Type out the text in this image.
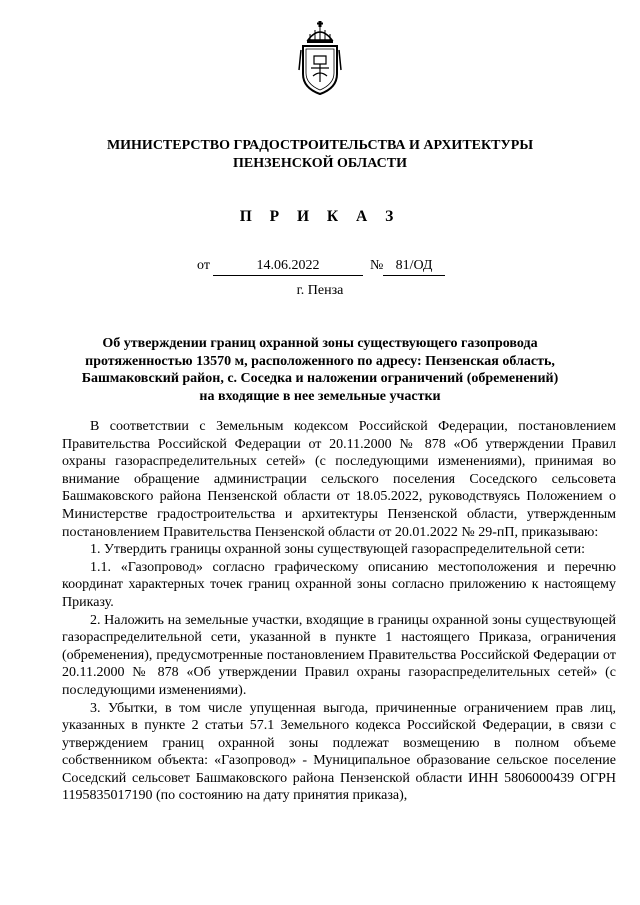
МИНИСТЕРСТВО ГРАДОСТРОИТЕЛЬСТВА И АРХИТЕКТУРЫ
ПЕНЗЕНСКОЙ ОБЛАСТИ
П Р И К А З
от	14.06.2022	№ 81/ОД
г. Пенза
Об утверждении границ охранной зоны существующего газопровода
протяженностью 13570 м, расположенного по адресу: Пензенская область,
Башмаковский район, с. Соседка и наложении ограничений (обременений)
на входящие в нее земельные участки

В соответствии с Земельным кодексом Российской Федерации, постановлением Правительства Российской Федерации от 20.11.2000 № 878 «Об утверждении Правил охраны газораспределительных сетей» (с последующими изменениями), принимая во внимание обращение администрации сельского поселения Соседского сельсовета Башмаковского района Пензенской области от 18.05.2022, руководствуясь Положением о Министерстве градостроительства и архитектуры Пензенской области, утвержденным постановлением Правительства Пензенской области от 20.01.2022 № 29-пП, приказываю:

1. Утвердить границы охранной зоны существующей газораспределительной сети:

1.1. «Газопровод» согласно графическому описанию местоположения и перечню координат характерных точек границ охранной зоны согласно приложению к настоящему Приказу.

2. Наложить на земельные участки, входящие в границы охранной зоны существующей газораспределительной сети, указанной в пункте 1 настоящего Приказа, ограничения (обременения), предусмотренные постановлением Правительства Российской Федерации от 20.11.2000 № 878 «Об утверждении Правил охраны газораспределительных сетей» (с последующими изменениями).

3. Убытки, в том числе упущенная выгода, причиненные ограничением прав лиц, указанных в пункте 2 статьи 57.1 Земельного кодекса Российской Федерации, в связи с утверждением границ охранной зоны подлежат возмещению в полном объеме собственником объекта: «Газопровод» - Муниципальное образование сельское поселение Соседский сельсовет Башмаковского района Пензенской области ИНН 5806000439 ОГРН 1195835017190 (по состоянию на дату принятия приказа),
